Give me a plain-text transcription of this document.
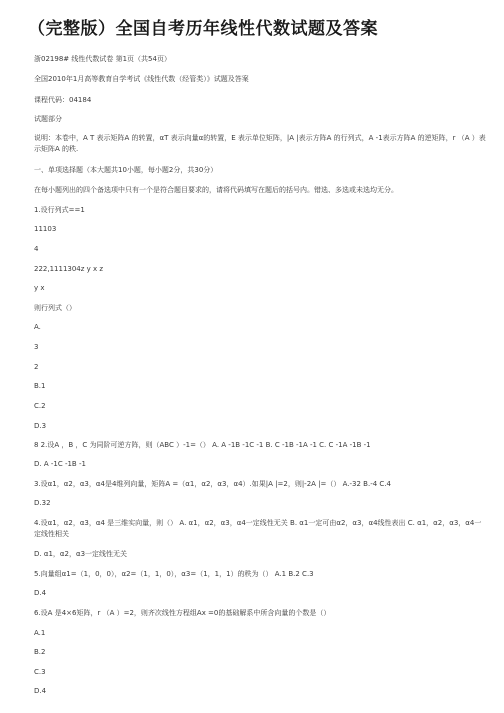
（完整版）全国自考历年线性代数试题及答案
浙02198# 线性代数试卷 第1页（共54页）
全国2010年1月高等教育自学考试《线性代数（经管类）》试题及答案
课程代码：04184
试题部分
说明：本卷中，A T 表示矩阵A 的转置，αT 表示向量α的转置，E 表示单位矩阵，|A |表示方阵A 的行列式，A -1表示方阵A 的逆矩阵，r （A ）表示矩阵A 的秩.
一、单项选择题（本大题共10小题，每小题2分，共30分）
在每小题列出的四个备选项中只有一个是符合题目要求的，请将代码填写在题后的括号内。错选、多选或未选均无分。
1.设行列式==1
11103
4
222,1111304z y x z
y x
则行列式（）
A.
3
2
B.1
C.2
D.3
8 2.设A ，B ，C 为同阶可逆方阵，则（ABC ）-1=（） A. A -1B -1C -1 B. C -1B -1A -1 C. C -1A -1B -1
D. A -1C -1B -1
3.设α1，α2，α3，α4是4维列向量，矩阵A =（α1，α2，α3，α4）.如果|A |=2，则|-2A |=（） A.-32 B.-4 C.4
D.32
4.设α1，α2，α3，α4 是三维实向量，则（） A. α1，α2，α3，α4一定线性无关 B. α1一定可由α2，α3，α4线性表出 C. α1，α2，α3，α4一定线性相关
D. α1，α2，α3一定线性无关
5.向量组α1=（1，0，0），α2=（1，1，0），α3=（1，1，1）的秩为（） A.1 B.2 C.3
D.4
6.设A 是4×6矩阵，r （A ）=2，则齐次线性方程组Ax =0的基础解系中所含向量的个数是（）
A.1
B.2
C.3
D.4
